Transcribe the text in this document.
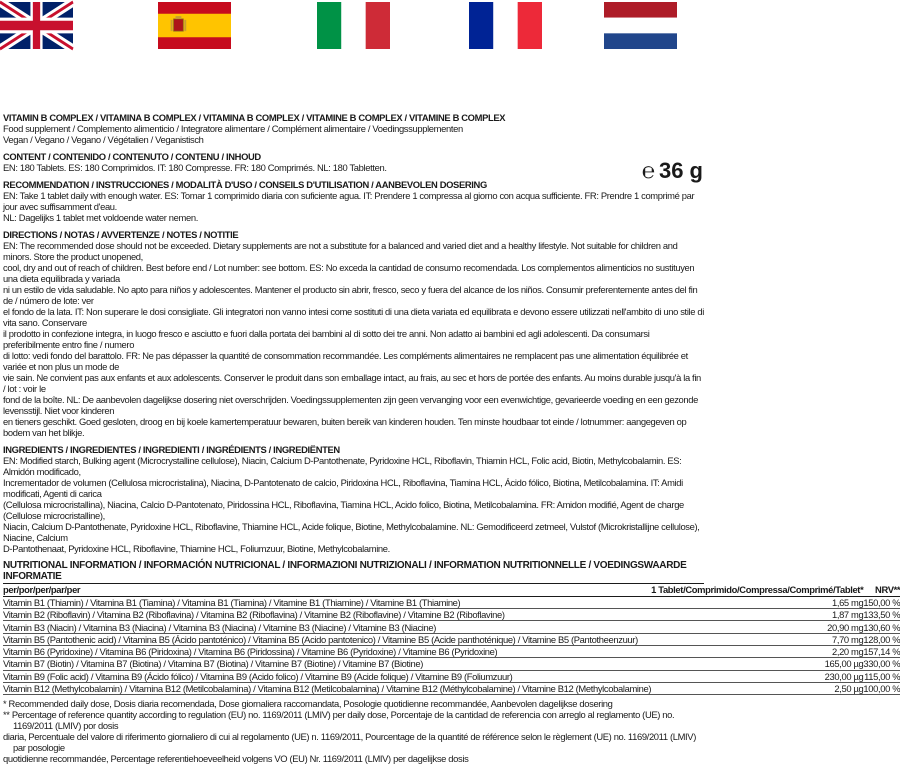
℮ 36 g
VITAMIN B COMPLEX / VITAMINA B COMPLEX / VITAMINA B COMPLEX / VITAMINE B COMPLEX / VITAMINE B COMPLEX
Food supplement / Complemento alimenticio / Integratore alimentare / Complément alimentaire / Voedingssupplementen
Vegan / Vegano / Vegano / Végétalien / Veganistisch
CONTENT / CONTENIDO / CONTENUTO / CONTENU / INHOUD
EN: 180 Tablets. ES: 180 Comprimidos. IT: 180 Compresse. FR: 180 Comprimés. NL: 180 Tabletten.
RECOMMENDATION / INSTRUCCIONES / MODALITÀ D'USO / CONSEILS D'UTILISATION / AANBEVOLEN DOSERING
EN: Take 1 tablet daily with enough water. ES: Tomar 1 comprimido diaria con suficiente agua. IT: Prendere 1 compressa al giorno con acqua sufficiente. FR: Prendre 1 comprimé par jour avec suffisamment d'eau.
NL: Dagelijks 1 tablet met voldoende water nemen.
DIRECTIONS / NOTAS / AVVERTENZE / NOTES / NOTITIE
EN: The recommended dose should not be exceeded. Dietary supplements are not a substitute for a balanced and varied diet and a healthy lifestyle. Not suitable for children and minors. Store the product unopened,
cool, dry and out of reach of children. Best before end / Lot number: see bottom. ES: No exceda la cantidad de consumo recomendada. Los complementos alimenticios no sustituyen una dieta equilibrada y variada
ni un estilo de vida saludable. No apto para niños y adolescentes. Mantener el producto sin abrir, fresco, seco y fuera del alcance de los niños. Consumir preferentemente antes del fin de / número de lote: ver
el fondo de la lata. IT: Non superare le dosi consigliate. Gli integratori non vanno intesi come sostituti di una dieta variata ed equilibrata e devono essere utilizzati nell'ambito di uno stile di vita sano. Conservare
il prodotto in confezione integra, in luogo fresco e asciutto e fuori dalla portata dei bambini al di sotto dei tre anni. Non adatto ai bambini ed agli adolescenti. Da consumarsi preferibilmente entro fine / numero
di lotto: vedi fondo del barattolo. FR: Ne pas dépasser la quantité de consommation recommandée. Les compléments alimentaires ne remplacent pas une alimentation équilibrée et variée et non plus un mode de
vie sain. Ne convient pas aux enfants et aux adolescents. Conserver le produit dans son emballage intact, au frais, au sec et hors de portée des enfants. Au moins durable jusqu'à la fin / lot : voir le
fond de la boîte. NL: De aanbevolen dagelijkse dosering niet overschrijden. Voedingssupplementen zijn geen vervanging voor een evenwichtige, gevarieerde voeding en een gezonde levensstijl. Niet voor kinderen
en tieners geschikt. Goed gesloten, droog en bij koele kamertemperatuur bewaren, buiten bereik van kinderen houden. Ten minste houdbaar tot einde / lotnummer: aangegeven op bodem van het blikje.
INGREDIENTS / INGREDIENTES / INGREDIENTI / INGRÉDIENTS / INGREDIËNTEN
EN: Modified starch, Bulking agent (Microcrystalline cellulose), Niacin, Calcium D-Pantothenate, Pyridoxine HCL, Riboflavin, Thiamin HCL, Folic acid, Biotin, Methylcobalamin. ES: Almidón modificado,
Incrementador de volumen (Cellulosa microcristalina), Niacina, D-Pantotenato de calcio, Piridoxina HCL, Riboflavina, Tiamina HCL, Ácido fólico, Biotina, Metilcobalamina. IT: Amidi modificati, Agenti di carica
(Cellulosa microcristallina), Niacina, Calcio D-Pantotenato, Piridossina HCL, Riboflavina, Tiamina HCL, Acido folico, Biotina, Metilcobalamina. FR: Amidon modifié, Agent de charge (Cellulose microcristalline),
Niacin, Calcium D-Pantothenate, Pyridoxine HCL, Riboflavine, Thiamine HCL, Acide folique, Biotine, Methylcobalamine. NL: Gemodificeerd zetmeel, Vulstof (Microkristallijne cellulose), Niacine, Calcium
D-Pantothenaat, Pyridoxine HCL, Riboflavine, Thiamine HCL, Foliumzuur, Biotine, Methylcobalamine.
NUTRITIONAL INFORMATION / INFORMACIÓN NUTRICIONAL / INFORMAZIONI NUTRIZIONALI / INFORMATION NUTRITIONNELLE / VOEDINGSWAARDE INFORMATIE
per/por/per/par/per	1 Tablet/Comprimido/Compressa/Comprimé/Tablet*	NRV**
Vitamin B1 (Thiamin) / Vitamina B1 (Tiamina) / Vitamina B1 (Tiamina) / Vitamine B1 (Thiamine) / Vitamine B1 (Thiamine)	1,65 mg	150,00 %
Vitamin B2 (Riboflavin) / Vitamina B2 (Riboflavina) / Vitamina B2 (Riboflavina) / Vitamine B2 (Riboflavine) / Vitamine B2 (Riboflavine)	1,87 mg	133,50 %
Vitamin B3 (Niacin) / Vitamina B3 (Niacina) / Vitamina B3 (Niacina) / Vitamine B3 (Niacine) / Vitamine B3 (Niacine)	20,90 mg	130,60 %
Vitamin B5 (Pantothenic acid) / Vitamina B5 (Ácido pantoténico) / Vitamina B5 (Acido pantotenico) / Vitamine B5 (Acide panthoténique) / Vitamine B5 (Pantotheenzuur)	7,70 mg	128,00 %
Vitamin B6 (Pyridoxine) / Vitamina B6 (Piridoxina) / Vitamina B6 (Piridossina) / Vitamine B6 (Pyridoxine) / Vitamine B6 (Pyridoxine)	2,20 mg	157,14 %
Vitamin B7 (Biotin) / Vitamina B7 (Biotina) / Vitamina B7 (Biotina) / Vitamine B7 (Biotine) / Vitamine B7 (Biotine)	165,00 µg	330,00 %
Vitamin B9 (Folic acid) / Vitamina B9 (Ácido fólico) / Vitamina B9 (Acido folico) / Vitamine B9 (Acide folique) / Vitamine B9 (Foliumzuur)	230,00 µg	115,00 %
Vitamin B12 (Methylcobalamin) / Vitamina B12 (Metilcobalamina) / Vitamina B12 (Metilcobalamina) / Vitamine B12 (Méthylcobalamine) / Vitamine B12 (Methylcobalamine)	2,50 µg	100,00 %
* Recommended daily dose, Dosis diaria recomendada, Dose giornaliera raccomandata, Posologie quotidienne recommandée, Aanbevolen dagelijkse dosering
** Percentage of reference quantity according to regulation (EU) no. 1169/2011 (LMIV) per daily dose, Porcentaje de la cantidad de referencia con arreglo al reglamento (UE) no. 1169/2011 (LMIV) por dosis
diaria, Percentuale del valore di riferimento giornaliero di cui al regolamento (UE) n. 1169/2011, Pourcentage de la quantité de référence selon le règlement (UE) no. 1169/2011 (LMIV) par posologie
quotidienne recommandée, Percentage referentiehoeveelheid volgens VO (EU) Nr. 1169/2011 (LMIV) per dagelijkse dosis
